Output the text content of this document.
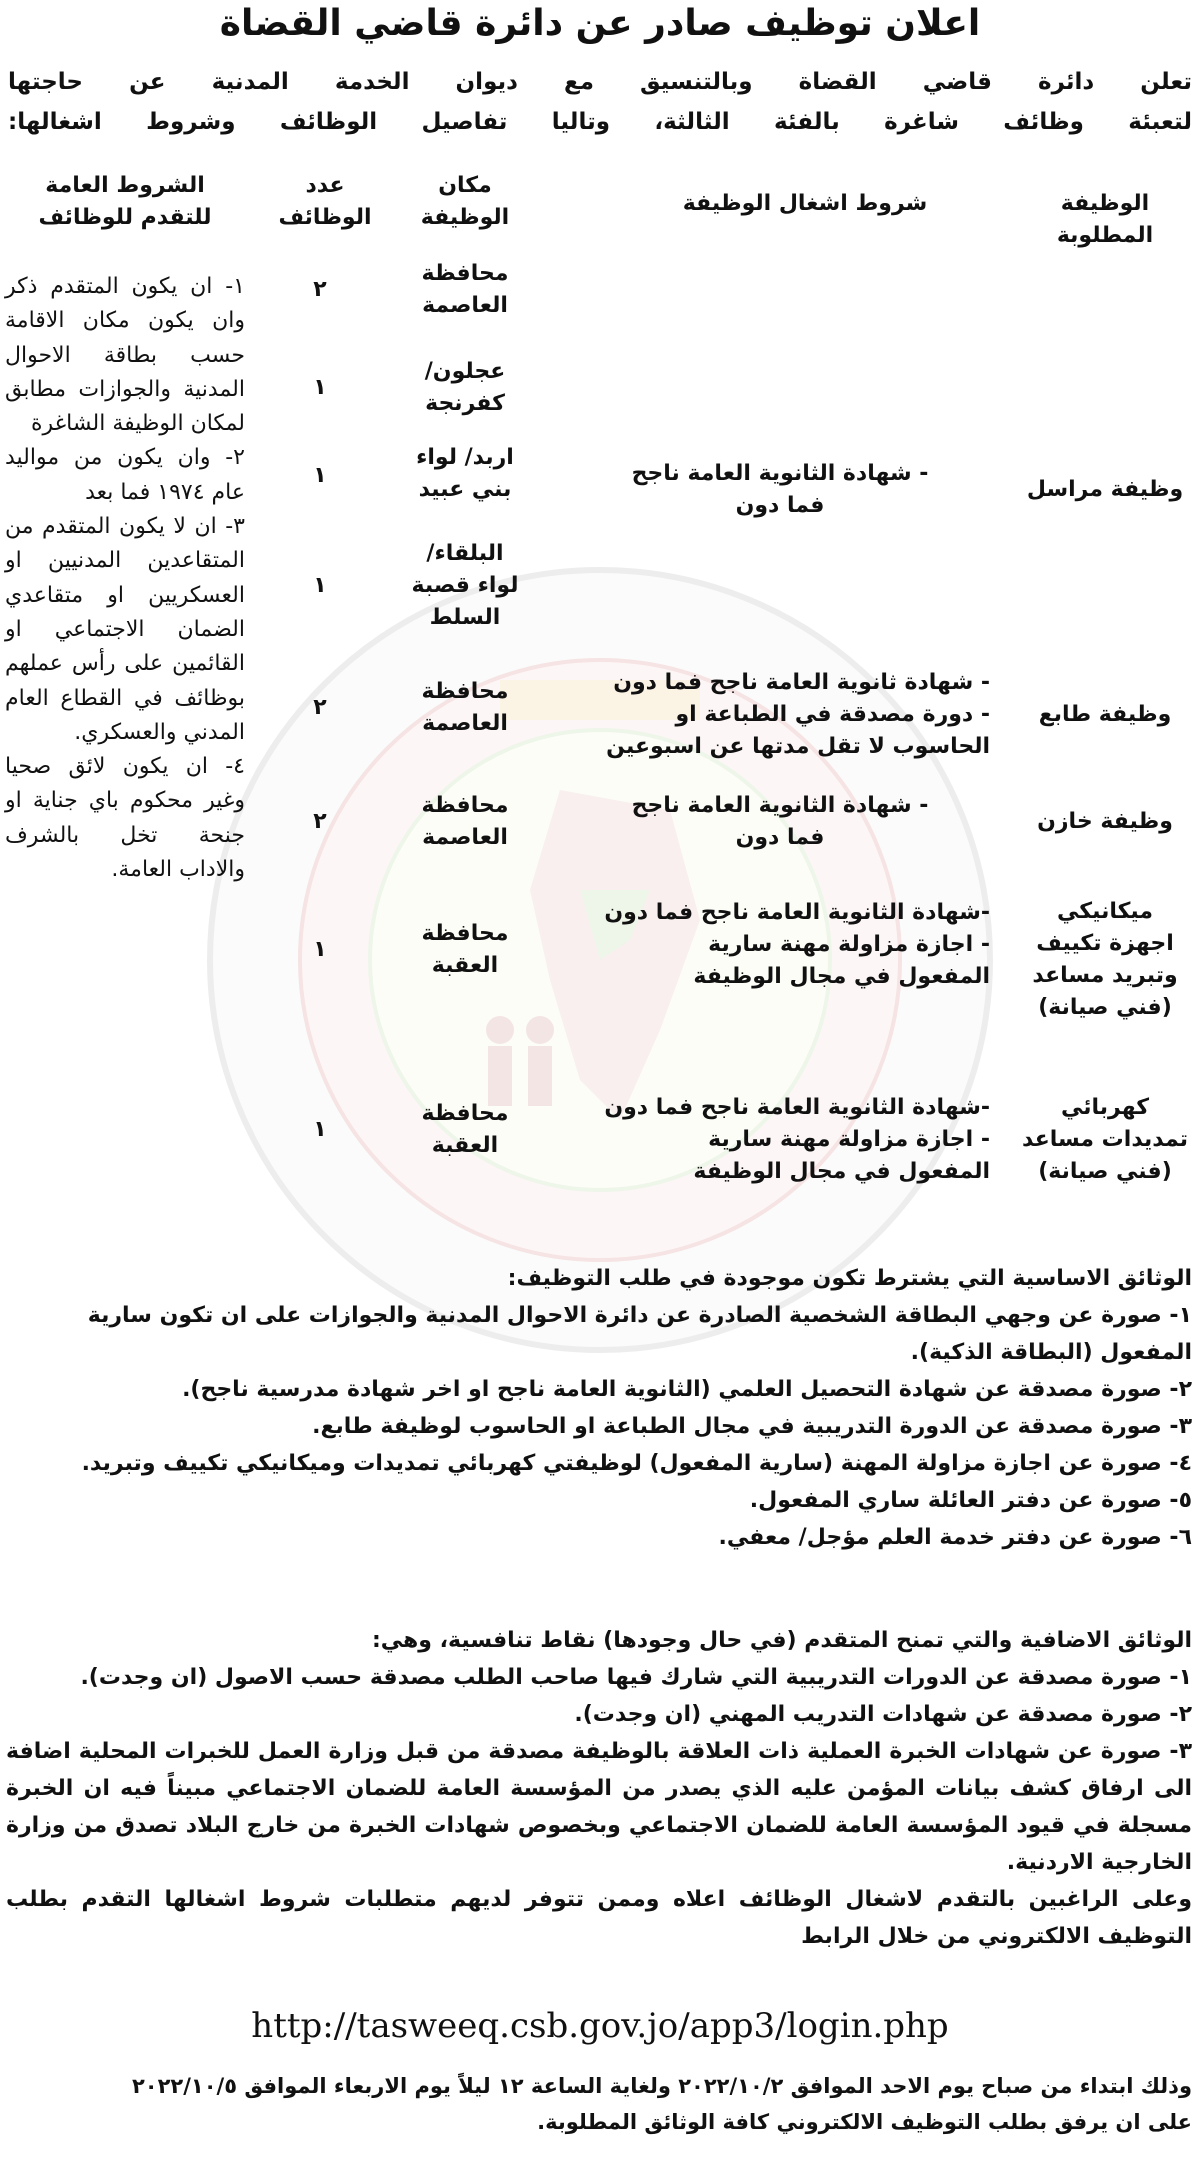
اعلان توظيف صادر عن دائرة قاضي القضاة

تعلن دائرة قاضي القضاة وبالتنسيق مع ديوان الخدمة المدنية عن حاجتها

لتعبئة وظائف شاغرة بالفئة الثالثة، وتاليا تفاصيل الوظائف وشروط اشغالها:

الوظيفة المطلوبة
شروط اشغال الوظيفة
مكان
الوظيفة
عدد
الوظائف
الشروط العامة
للتقدم للوظائف
محافظة
العاصمة
٢
عجلون/
كفرنجة
١
اربد/ لواء
بني عبيد
١
البلقاء/
لواء قصبة
السلط
١
محافظة
العاصمة
٢
محافظة
العاصمة
٢
محافظة
العقبة
١
محافظة
العقبة
١
وظيفة مراسل
- شهادة الثانوية العامة ناجح
فما دون
وظيفة طابع
- شهادة ثانوية العامة ناجح فما دون
- دورة مصدقة في الطباعة او
الحاسوب لا تقل مدتها عن اسبوعين
وظيفة خازن
- شهادة الثانوية العامة ناجح
فما دون
ميكانيكي
اجهزة تكييف
وتبريد مساعد
(فني صيانة)
-شهادة الثانوية العامة ناجح فما دون
- اجازة مزاولة مهنة سارية
المفعول في مجال الوظيفة
كهربائي
تمديدات مساعد
(فني صيانة)
-شهادة الثانوية العامة ناجح فما دون
- اجازة مزاولة مهنة سارية
المفعول في مجال الوظيفة

١- ان يكون المتقدم ذكر وان يكون مكان الاقامة حسب بطاقة الاحوال المدنية والجوازات مطابق لمكان الوظيفة الشاغرة

٢- وان يكون من مواليد عام ١٩٧٤ فما بعد

٣- ان لا يكون المتقدم من المتقاعدين المدنيين او العسكريين او متقاعدي الضمان الاجتماعي او القائمين على رأس عملهم بوظائف في القطاع العام المدني والعسكري.

٤- ان يكون لائق صحيا وغير محكوم باي جناية او جنحة تخل بالشرف والاداب العامة.

الوثائق الاساسية التي يشترط تكون موجودة في طلب التوظيف:

١- صورة عن وجهي البطاقة الشخصية الصادرة عن دائرة الاحوال المدنية والجوازات على ان تكون سارية المفعول (البطاقة الذكية).

٢- صورة مصدقة عن شهادة التحصيل العلمي (الثانوية العامة ناجح او اخر شهادة مدرسية ناجح).

٣- صورة مصدقة عن الدورة التدريبية في مجال الطباعة او الحاسوب لوظيفة طابع.

٤- صورة عن اجازة مزاولة المهنة (سارية المفعول) لوظيفتي كهربائي تمديدات وميكانيكي تكييف وتبريد.

٥- صورة عن دفتر العائلة ساري المفعول.

٦- صورة عن دفتر خدمة العلم مؤجل/ معفي.

الوثائق الاضافية والتي تمنح المتقدم (في حال وجودها) نقاط تنافسية، وهي:

١- صورة مصدقة عن الدورات التدريبية التي شارك فيها صاحب الطلب مصدقة حسب الاصول (ان وجدت).

٢- صورة مصدقة عن شهادات التدريب المهني (ان وجدت).

٣- صورة عن شهادات الخبرة العملية ذات العلاقة بالوظيفة مصدقة من قبل وزارة العمل للخبرات المحلية اضافة الى ارفاق كشف بيانات المؤمن عليه الذي يصدر من المؤسسة العامة للضمان الاجتماعي مبيناً فيه ان الخبرة مسجلة في قيود المؤسسة العامة للضمان الاجتماعي وبخصوص شهادات الخبرة من خارج البلاد تصدق من وزارة الخارجية الاردنية.

وعلى الراغبين بالتقدم لاشغال الوظائف اعلاه وممن تتوفر لديهم متطلبات شروط اشغالها التقدم بطلب التوظيف الالكتروني من خلال الرابط

http://tasweeq.csb.gov.jo/app3/login.php

وذلك ابتداء من صباح يوم الاحد الموافق ٢٠٢٢/١٠/٢ ولغاية الساعة ١٢ ليلاً يوم الاربعاء الموافق ٢٠٢٢/١٠/٥

على ان يرفق بطلب التوظيف الالكتروني كافة الوثائق المطلوبة.
